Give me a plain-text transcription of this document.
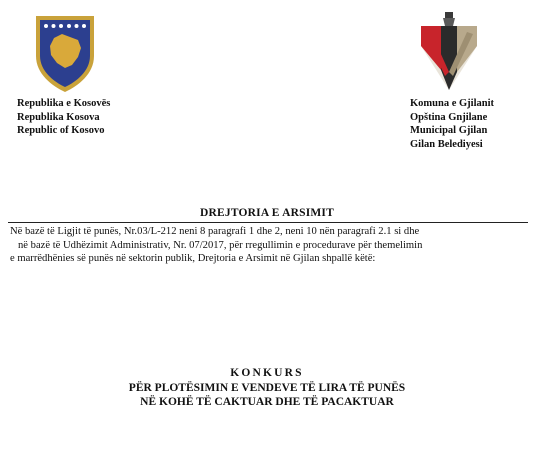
Republika e Kosovës
Republika Kosova
Republic of Kosovo
Komuna e Gjilanit
Opština Gnjilane
Municipal Gjilan
Gilan Belediyesi
DREJTORIA E ARSIMIT
Në bazë të Ligjit të punës, Nr.03/L-212 neni 8 paragrafi 1 dhe 2, neni 10 nën paragrafi 2.1 si dhe
në bazë të Udhëzimit Administrativ, Nr. 07/2017, për rregullimin e procedurave për themelimin
e marrëdhënies së punës në sektorin publik, Drejtoria e Arsimit në Gjilan shpallë këtë:
KONKURS
PËR PLOTËSIMIN E VENDEVE TË LIRA TË PUNËS
NË KOHË TË CAKTUAR DHE TË PACAKTUAR
